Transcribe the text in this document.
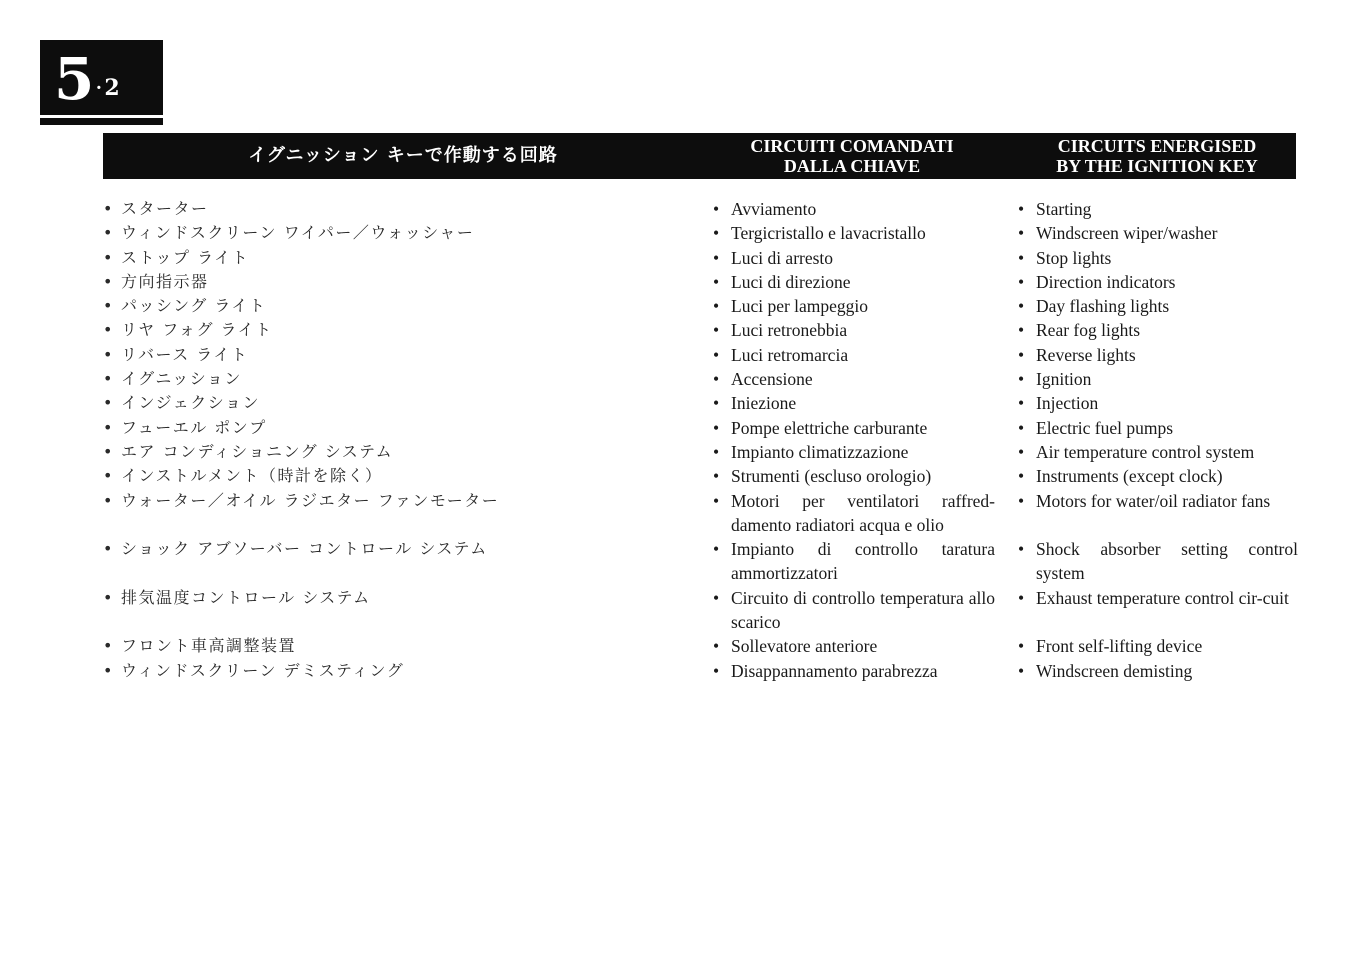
5 . 2
イグニッション キーで作動する回路	CIRCUITI COMANDATI
DALLA CHIAVE
CIRCUITS ENERGISED
BY THE IGNITION KEY
• スターター
• ウィンドスクリーン ワイパー／ウォッシャー
• ストップ ライト
• 方向指示器
• パッシング ライト
• リヤ フォグ ライト
• リバース ライト
• イグニッション
• インジェクション
• フューエル ポンプ
• エア コンディショニング システム
• インストルメント（時計を除く）
• ウォーター／オイル ラジエター ファンモーター
• ショック アブソーバー コントロール システム
• 排気温度コントロール システム
• フロント車高調整装置
• ウィンドスクリーン デミスティング
• Avviamento
• Tergicristallo e lavacristallo
• Luci di arresto
• Luci di direzione
• Luci per lampeggio
• Luci retronebbia
• Luci retromarcia
• Accensione
• Iniezione
• Pompe elettriche carburante
• Impianto climatizzazione
• Strumenti (escluso orologio)
• Motori per ventilatori raffred-damento radiatori acqua e olio
• Impianto di controllo taratura ammortizzatori
• Circuito di controllo temperatura allo scarico
• Sollevatore anteriore
• Disappannamento parabrezza
• Starting
• Windscreen wiper/washer
• Stop lights
• Direction indicators
• Day flashing lights
• Rear fog lights
• Reverse lights
• Ignition
• Injection
• Electric fuel pumps
• Air temperature control system
• Instruments (except clock)
• Motors for water/oil radiator fans
• Shock absorber setting control system
• Exhaust temperature control cir-cuit
• Front self-lifting device
• Windscreen demisting
